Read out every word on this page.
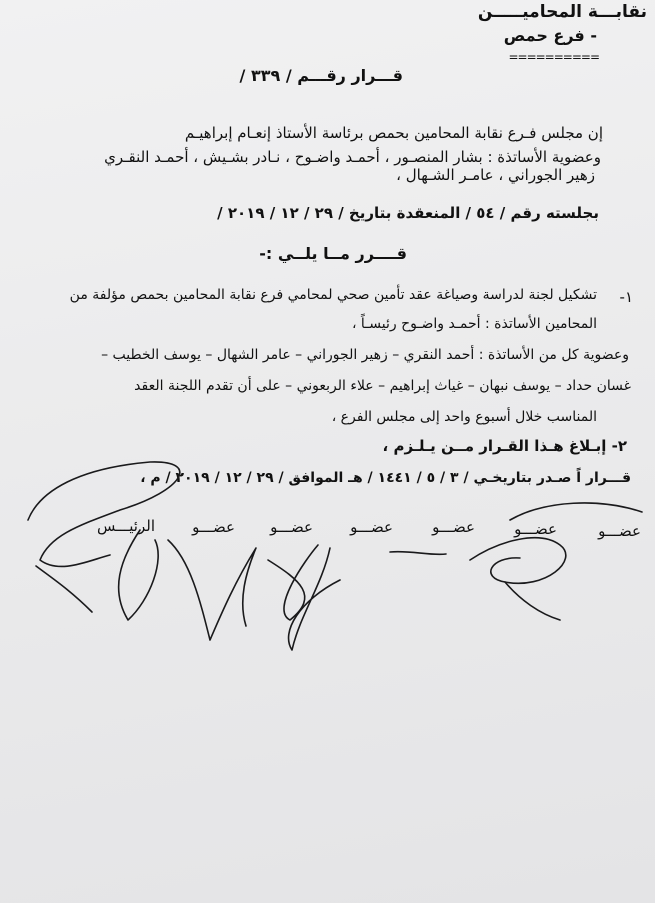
نقابـــة المحاميـــــن
- فرع حمص
==========
قـــرار رقـــم / ٣٣٩ /
إن مجلس فـرع نقابة المحامين بحمص برئاسة الأستاذ إنعـام إبراهيـم
وعضوية الأساتذة : بشار المنصـور ، أحمـد واضـوح ، نـادر بشـيش ، أحمـد النقـري
زهير الجوراني ، عامـر الشـهال ،
بجلسته رقم / ٥٤ / المنعقدة بتاريخ / ٢٩ / ١٢ / ٢٠١٩ /
قــــرر مــا يلــي :-
١-
تشكيل لجنة لدراسة وصياغة عقد تأمين صحي لمحامي فرع نقابة المحامين بحمص مؤلفة من
المحامين الأساتذة : أحمـد واضـوح رئيسـاً ،
وعضوية كل من الأساتذة : أحمد النقري – زهير الجوراني – عامر الشهال – يوسف الخطيب –
غسان حداد – يوسف نبهان – غياث إبراهيم – علاء الربعوني – على أن تقدم اللجنة العقد
المناسب خلال أسبوع واحد إلى مجلس الفرع ،
٢- إبـلاغ هـذا القـرار مــن يـلـزم ،
قـــرار اً صـدر بتاريخـي / ٣ / ٥ / ١٤٤١ / هـ الموافق / ٢٩ / ١٢ / ٢٠١٩ / م ،
عضـــو
عضـــو
عضـــو
عضـــو
عضـــو
عضـــو
الرئيـــس
